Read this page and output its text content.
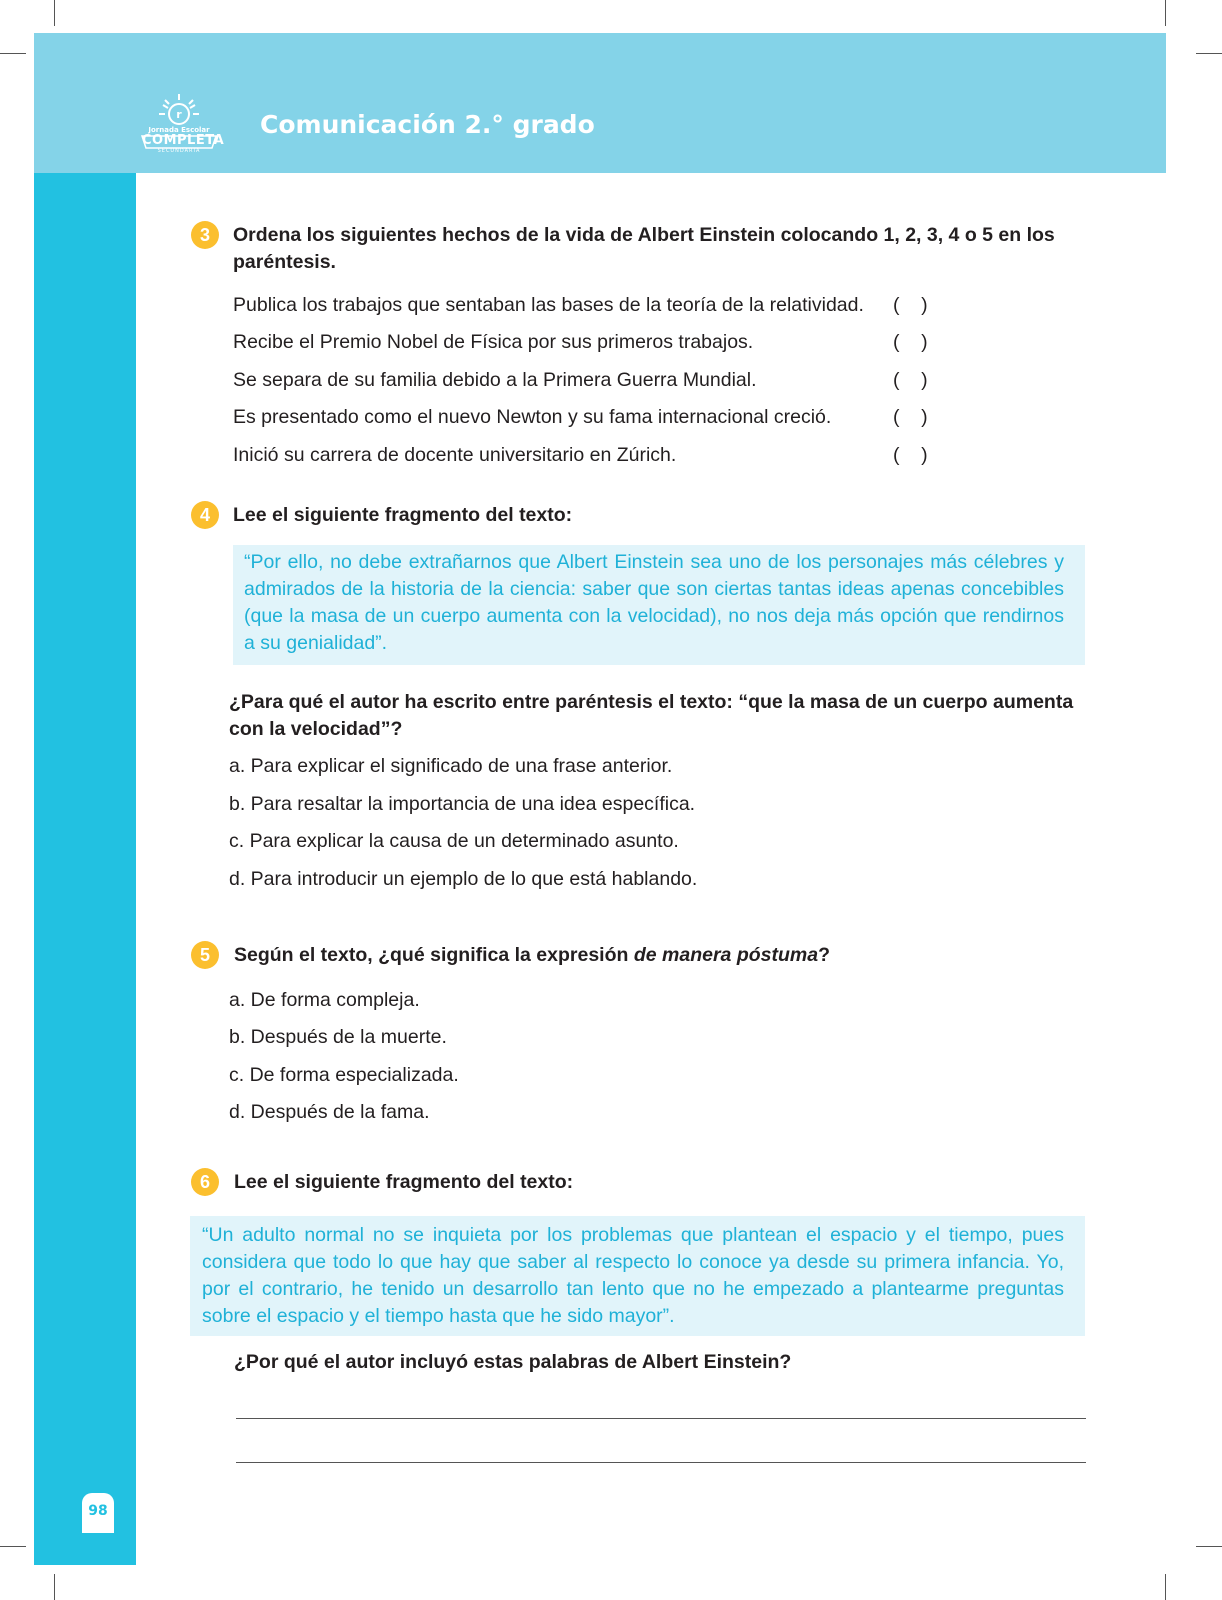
r
Jornada Escolar
COMPLETA
SECUNDARIA
Comunicación 2.° grado
98
3	Ordena los siguientes hechos de la vida de Albert Einstein colocando 1, 2, 3, 4 o 5 en los paréntesis.
Publica los trabajos que sentaban las bases de la teoría de la relatividad. (    )
Recibe el Premio Nobel de Física por sus primeros trabajos.	(    )
Se separa de su familia debido a la Primera Guerra Mundial.	(    )
Es presentado como el nuevo Newton y su fama internacional creció.	(    )
Inició su carrera de docente universitario en Zúrich.	(    )
4	Lee el siguiente fragmento del texto:
“Por ello, no debe extrañarnos que Albert Einstein sea uno de los personajes más célebres y admirados de la historia de la ciencia: saber que son ciertas tantas ideas apenas concebibles (que la masa de un cuerpo aumenta con la velocidad), no nos deja más opción que rendirnos a su genialidad”.
¿Para qué el autor ha escrito entre paréntesis el texto: “que la masa de un cuerpo aumenta con la velocidad”?
a. Para explicar el significado de una frase anterior.
b. Para resaltar la importancia de una idea específica.
c. Para explicar la causa de un determinado asunto.
d. Para introducir un ejemplo de lo que está hablando.
5	Según el texto, ¿qué significa la expresión de manera póstuma?
a. De forma compleja.
b. Después de la muerte.
c. De forma especializada.
d. Después de la fama.
6	Lee el siguiente fragmento del texto:
“Un adulto normal no se inquieta por los problemas que plantean el espacio y el tiempo, pues considera que todo lo que hay que saber al respecto lo conoce ya desde su primera infancia. Yo, por el contrario, he tenido un desarrollo tan lento que no he empezado a plantearme preguntas sobre el espacio y el tiempo hasta que he sido mayor”.
¿Por qué el autor incluyó estas palabras de Albert Einstein?
